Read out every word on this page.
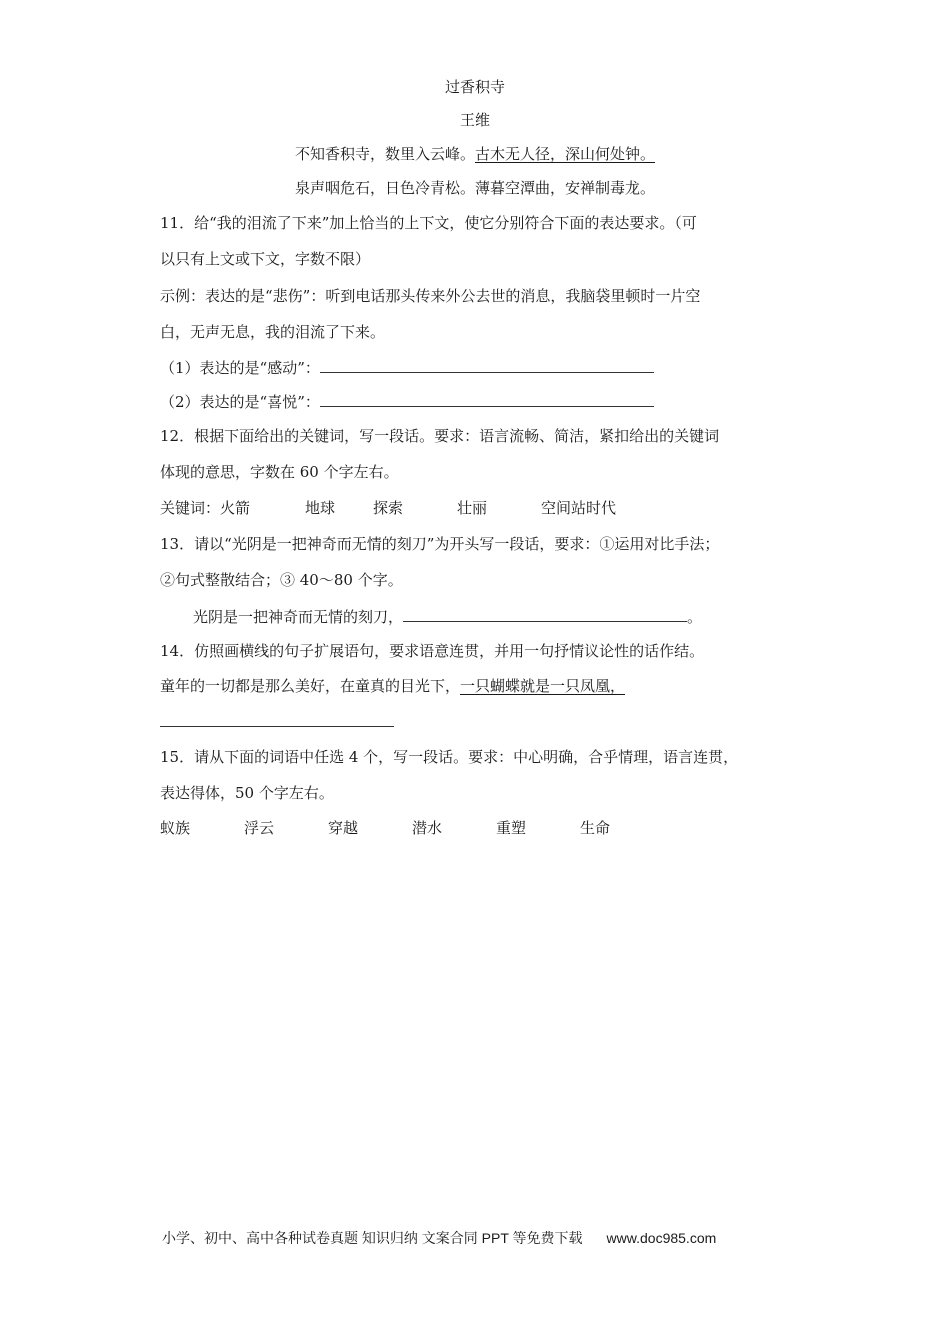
过香积寺
王维
不知香积寺，数里入云峰。古木无人径，深山何处钟。
泉声咽危石，日色冷青松。薄暮空潭曲，安禅制毒龙。
11．给“我的泪流了下来”加上恰当的上下文，使它分别符合下面的表达要求。（可
以只有上文或下文，字数不限）
示例：表达的是“悲伤”：听到电话那头传来外公去世的消息，我脑袋里顿时一片空
白，无声无息，我的泪流了下来。
（1）表达的是“感动”：
（2）表达的是“喜悦”：
12．根据下面给出的关键词，写一段话。要求：语言流畅、简洁，紧扣给出的关键词
体现的意思，字数在 60 个字左右。
关键词：火箭	地球	探索	壮丽	空间站时代
13．请以“光阴是一把神奇而无情的刻刀”为开头写一段话，要求：①运用对比手法；
②句式整散结合；③ 40～80 个字。
光阴是一把神奇而无情的刻刀，	。
14．仿照画横线的句子扩展语句，要求语意连贯，并用一句抒情议论性的话作结。
童年的一切都是那么美好，在童真的目光下，一只蝴蝶就是一只凤凰，
15．请从下面的词语中任选 4 个，写一段话。要求：中心明确，合乎情理，语言连贯，
表达得体，50 个字左右。
蚁族	浮云	穿越	潜水	重塑	生命
小学、初中、高中各种试卷真题 知识归纳 文案合同 PPT 等免费下载 www.doc985.com
